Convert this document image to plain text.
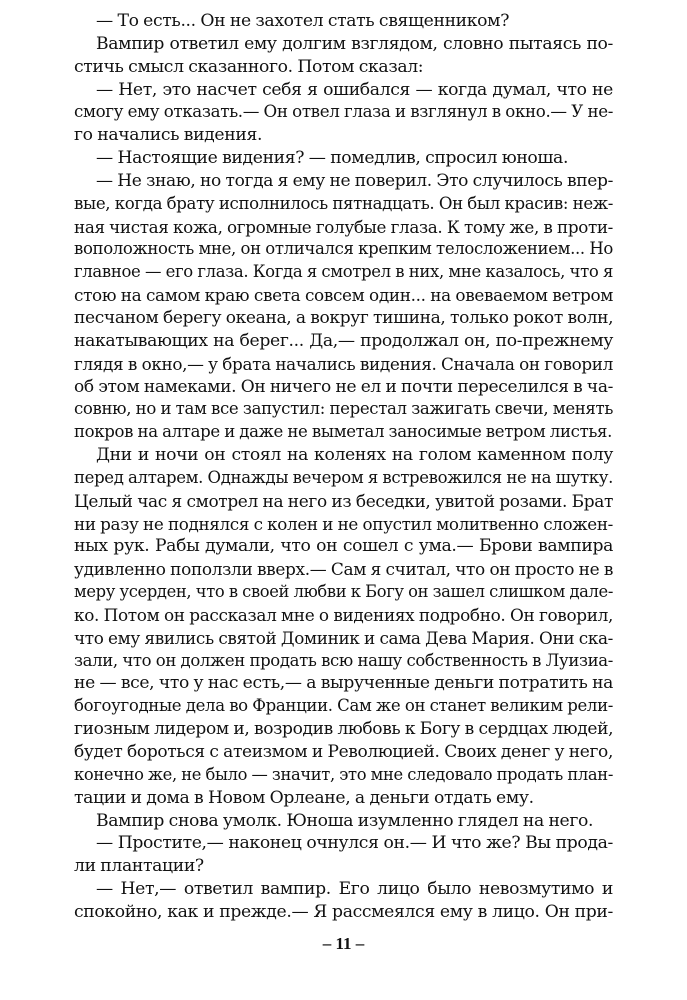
— То есть... Он не захотел стать священником?
Вампир ответил ему долгим взглядом, словно пытаясь по-
стичь смысл сказанного. Потом сказал:
— Нет, это насчет себя я ошибался — когда думал, что не
смогу ему отказать.— Он отвел глаза и взглянул в окно.— У не-
го начались видения.
— Настоящие видения? — помедлив, спросил юноша.
— Не знаю, но тогда я ему не поверил. Это случилось впер-
вые, когда брату исполнилось пятнадцать. Он был красив: неж-
ная чистая кожа, огромные голубые глаза. К тому же, в проти-
воположность мне, он отличался крепким телосложением... Но
главное — его глаза. Когда я смотрел в них, мне казалось, что я
стою на самом краю света совсем один... на овеваемом ветром
песчаном берегу океана, а вокруг тишина, только рокот волн,
накатывающих на берег... Да,— продолжал он, по-прежнему
глядя в окно,— у брата начались видения. Сначала он говорил
об этом намеками. Он ничего не ел и почти переселился в ча-
совню, но и там все запустил: перестал зажигать свечи, менять
покров на алтаре и даже не выметал заносимые ветром листья.
Дни и ночи он стоял на коленях на голом каменном полу
перед алтарем. Однажды вечером я встревожился не на шутку.
Целый час я смотрел на него из беседки, увитой розами. Брат
ни разу не поднялся с колен и не опустил молитвенно сложен-
ных рук. Рабы думали, что он сошел с ума.— Брови вампира
удивленно поползли вверх.— Сам я считал, что он просто не в
меру усерден, что в своей любви к Богу он зашел слишком дале-
ко. Потом он рассказал мне о видениях подробно. Он говорил,
что ему явились святой Доминик и сама Дева Мария. Они ска-
зали, что он должен продать всю нашу собственность в Луизиа-
не — все, что у нас есть,— а вырученные деньги потратить на
богоугодные дела во Франции. Сам же он станет великим рели-
гиозным лидером и, возродив любовь к Богу в сердцах людей,
будет бороться с атеизмом и Революцией. Своих денег у него,
конечно же, не было — значит, это мне следовало продать план-
тации и дома в Новом Орлеане, а деньги отдать ему.
Вампир снова умолк. Юноша изумленно глядел на него.
— Простите,— наконец очнулся он.— И что же? Вы прода-
ли плантации?
— Нет,— ответил вампир. Его лицо было невозмутимо и
спокойно, как и прежде.— Я рассмеялся ему в лицо. Он при-
– 11 –
